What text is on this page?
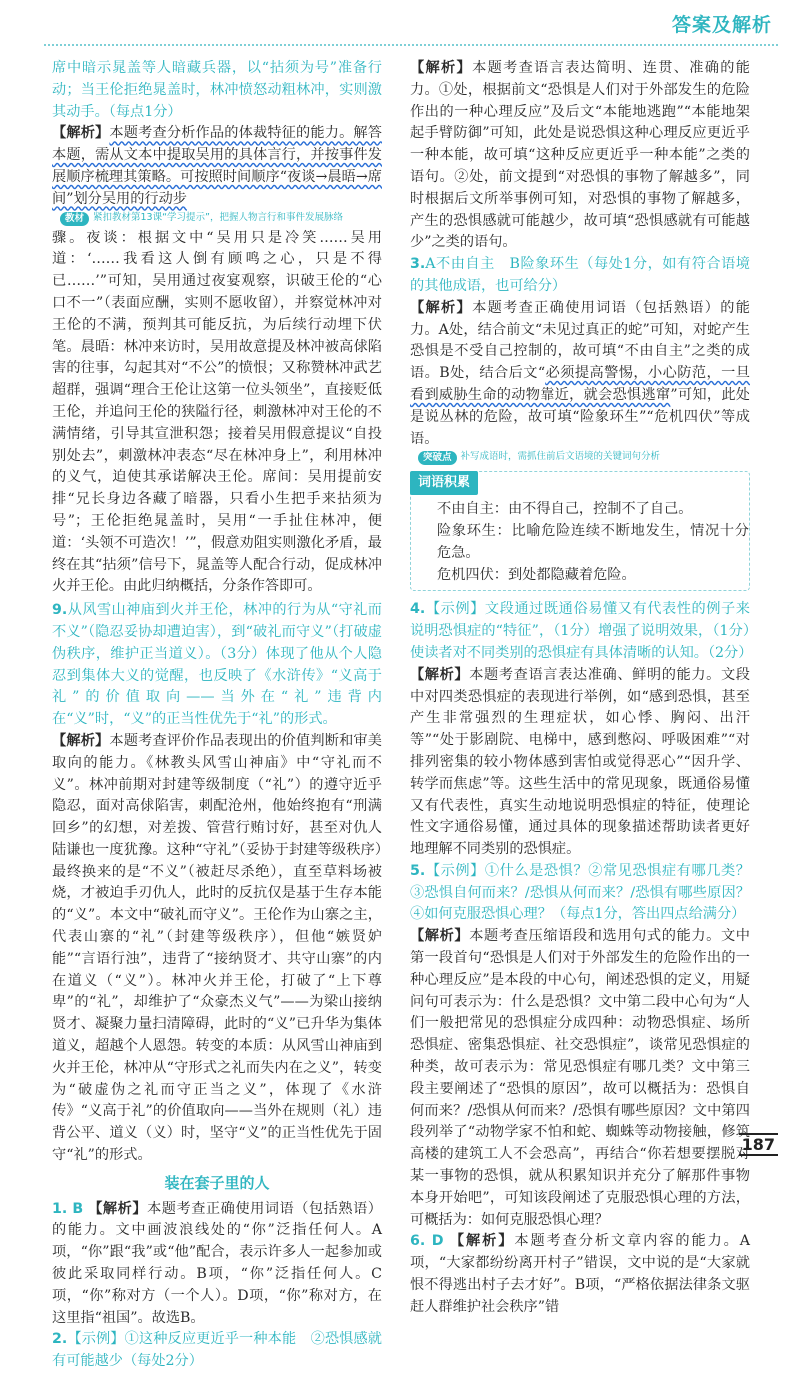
答案及解析

席中暗示晁盖等人暗藏兵器，以“拈须为号”准备行动；当王伦拒绝晁盖时，林冲愤怒动粗林冲，实则激其动手。（每点1分）

【解析】本题考查分析作品的体裁特征的能力。解答本题，需从文本中提取吴用的具体言行，并按事件发展顺序梳理其策略。可按照时间顺序“夜谈→晨晤→席间”划分吴用的行动步

教材 紧扣教材第13课“学习提示”，把握人物言行和事件发展脉络

骤。夜谈：根据文中“吴用只是冷笑……吴用道：‘……我看这人倒有顾鸣之心，只是不得已……’”可知，吴用通过夜宴观察，识破王伦的“心口不一”（表面应酬，实则不愿收留），并察觉林冲对王伦的不满，预判其可能反抗，为后续行动埋下伏笔。晨晤：林冲来访时，吴用故意提及林冲被高俅陷害的往事，勾起其对“不公”的愤恨；又称赞林冲武艺超群，强调“理合王伦让这第一位头领坐”，直接贬低王伦，并追问王伦的狭隘行径，刺激林冲对王伦的不满情绪，引导其宣泄积怨；接着吴用假意提议“自投别处去”，刺激林冲表态“尽在林冲身上”，利用林冲的义气，迫使其承诺解决王伦。席间：吴用提前安排“兄长身边各藏了暗器，只看小生把手来拈须为号”；王伦拒绝晁盖时，吴用“一手扯住林冲，便道：‘头领不可造次！’”，假意劝阻实则激化矛盾，最终在其“拈须”信号下，晁盖等人配合行动，促成林冲火并王伦。由此归纳概括，分条作答即可。

9.从风雪山神庙到火并王伦，林冲的行为从“守礼而不义”（隐忍妥协却遭迫害），到“破礼而守义”（打破虚伪秩序，维护正当道义）。（3分）体现了他从个人隐忍到集体大义的觉醒，也反映了《水浒传》“义高于礼”的价值取向——当外在“礼”违背内在“义”时，“义”的正当性优先于“礼”的形式。

【解析】本题考查评价作品表现出的价值判断和审美取向的能力。《林教头风雪山神庙》中“守礼而不义”。林冲前期对封建等级制度（“礼”）的遵守近乎隐忍，面对高俅陷害，刺配沧州，他始终抱有“刑满回乡”的幻想，对差拨、管营行贿讨好，甚至对仇人陆谦也一度犹豫。这种“守礼”（妥协于封建等级秩序）最终换来的是“不义”（被赶尽杀绝），直至草料场被烧，才被迫手刃仇人，此时的反抗仅是基于生存本能的“义”。本文中“破礼而守义”。王伦作为山寨之主，代表山寨的“礼”（封建等级秩序），但他“嫉贤妒能”“言语行浊”，违背了“接纳贤才、共守山寨”的内在道义（“义”）。林冲火并王伦，打破了“上下尊卑”的“礼”，却维护了“众豪杰义气”——为梁山接纳贤才、凝聚力量扫清障碍，此时的“义”已升华为集体道义，超越个人恩怨。转变的本质：从风雪山神庙到火并王伦，林冲从“守形式之礼而失内在之义”，转变为“破虚伪之礼而守正当之义”，体现了《水浒传》“义高于礼”的价值取向——当外在规则（礼）违背公平、道义（义）时，坚守“义”的正当性优先于固守“礼”的形式。

装在套子里的人

1. B 【解析】本题考查正确使用词语（包括熟语）的能力。文中画波浪线处的“你”泛指任何人。A项，“你”跟“我”或“他”配合，表示许多人一起参加或彼此采取同样行动。B项，“你”泛指任何人。C项，“你”称对方（一个人）。D项，“你”称对方，在这里指“祖国”。故选B。

2.【示例】①这种反应更近乎一种本能　②恐惧感就有可能越少（每处2分）

【解析】本题考查语言表达简明、连贯、准确的能力。①处，根据前文“恐惧是人们对于外部发生的危险作出的一种心理反应”及后文“本能地逃跑”“本能地架起手臂防御”可知，此处是说恐惧这种心理反应更近乎一种本能，故可填“这种反应更近乎一种本能”之类的语句。②处，前文提到“对恐惧的事物了解越多”，同时根据后文所举事例可知，对恐惧的事物了解越多，产生的恐惧感就可能越少，故可填“恐惧感就有可能越少”之类的语句。

3.A不由自主　B险象环生（每处1分，如有符合语境的其他成语，也可给分）

【解析】本题考查正确使用词语（包括熟语）的能力。A处，结合前文“未见过真正的蛇”可知，对蛇产生恐惧是不受自己控制的，故可填“不由自主”之类的成语。B处，结合后文“必须提高警惕，小心防范，一旦看到威胁生命的动物靠近，就会恐惧逃窜”可知，此处是说丛林的危险，故可填“险象环生”“危机四伏”等成语。

突破点 补写成语时，需抓住前后文语境的关键词句分析
词语积累

不由自主：由不得自己，控制不了自己。

险象环生：比喻危险连续不断地发生，情况十分危急。

危机四伏：到处都隐藏着危险。

4.【示例】文段通过既通俗易懂又有代表性的例子来说明恐惧症的“特征”，（1分）增强了说明效果，（1分）使读者对不同类别的恐惧症有具体清晰的认知。（2分）

【解析】本题考查语言表达准确、鲜明的能力。文段中对四类恐惧症的表现进行举例，如“感到恐惧，甚至产生非常强烈的生理症状，如心悸、胸闷、出汗等”“处于影剧院、电梯中，感到憋闷、呼吸困难”“对排列密集的较小物体感到害怕或觉得恶心”“因升学、转学而焦虑”等。这些生活中的常见现象，既通俗易懂又有代表性，真实生动地说明恐惧症的特征，使理论性文字通俗易懂，通过具体的现象描述帮助读者更好地理解不同类别的恐惧症。

5.【示例】①什么是恐惧？②常见恐惧症有哪几类？③恐惧自何而来？/恐惧从何而来？/恐惧有哪些原因？④如何克服恐惧心理？（每点1分，答出四点给满分）

【解析】本题考查压缩语段和选用句式的能力。文中第一段首句“恐惧是人们对于外部发生的危险作出的一种心理反应”是本段的中心句，阐述恐惧的定义，用疑问句可表示为：什么是恐惧？文中第二段中心句为“人们一般把常见的恐惧症分成四种：动物恐惧症、场所恐惧症、密集恐惧症、社交恐惧症”，谈常见恐惧症的种类，故可表示为：常见恐惧症有哪几类？文中第三段主要阐述了“恐惧的原因”，故可以概括为：恐惧自何而来？/恐惧从何而来？/恐惧有哪些原因？文中第四段列举了“动物学家不怕和蛇、蜘蛛等动物接触，修筑高楼的建筑工人不会恐高”，再结合“你若想要摆脱对某一事物的恐惧，就从积累知识并充分了解那件事物本身开始吧”，可知该段阐述了克服恐惧心理的方法，可概括为：如何克服恐惧心理？

6. D 【解析】本题考查分析文章内容的能力。A项，“大家都纷纷离开村子”错误，文中说的是“大家就恨不得逃出村子去才好”。B项，“严格依据法律条文驱赶人群维护社会秩序”错

187
